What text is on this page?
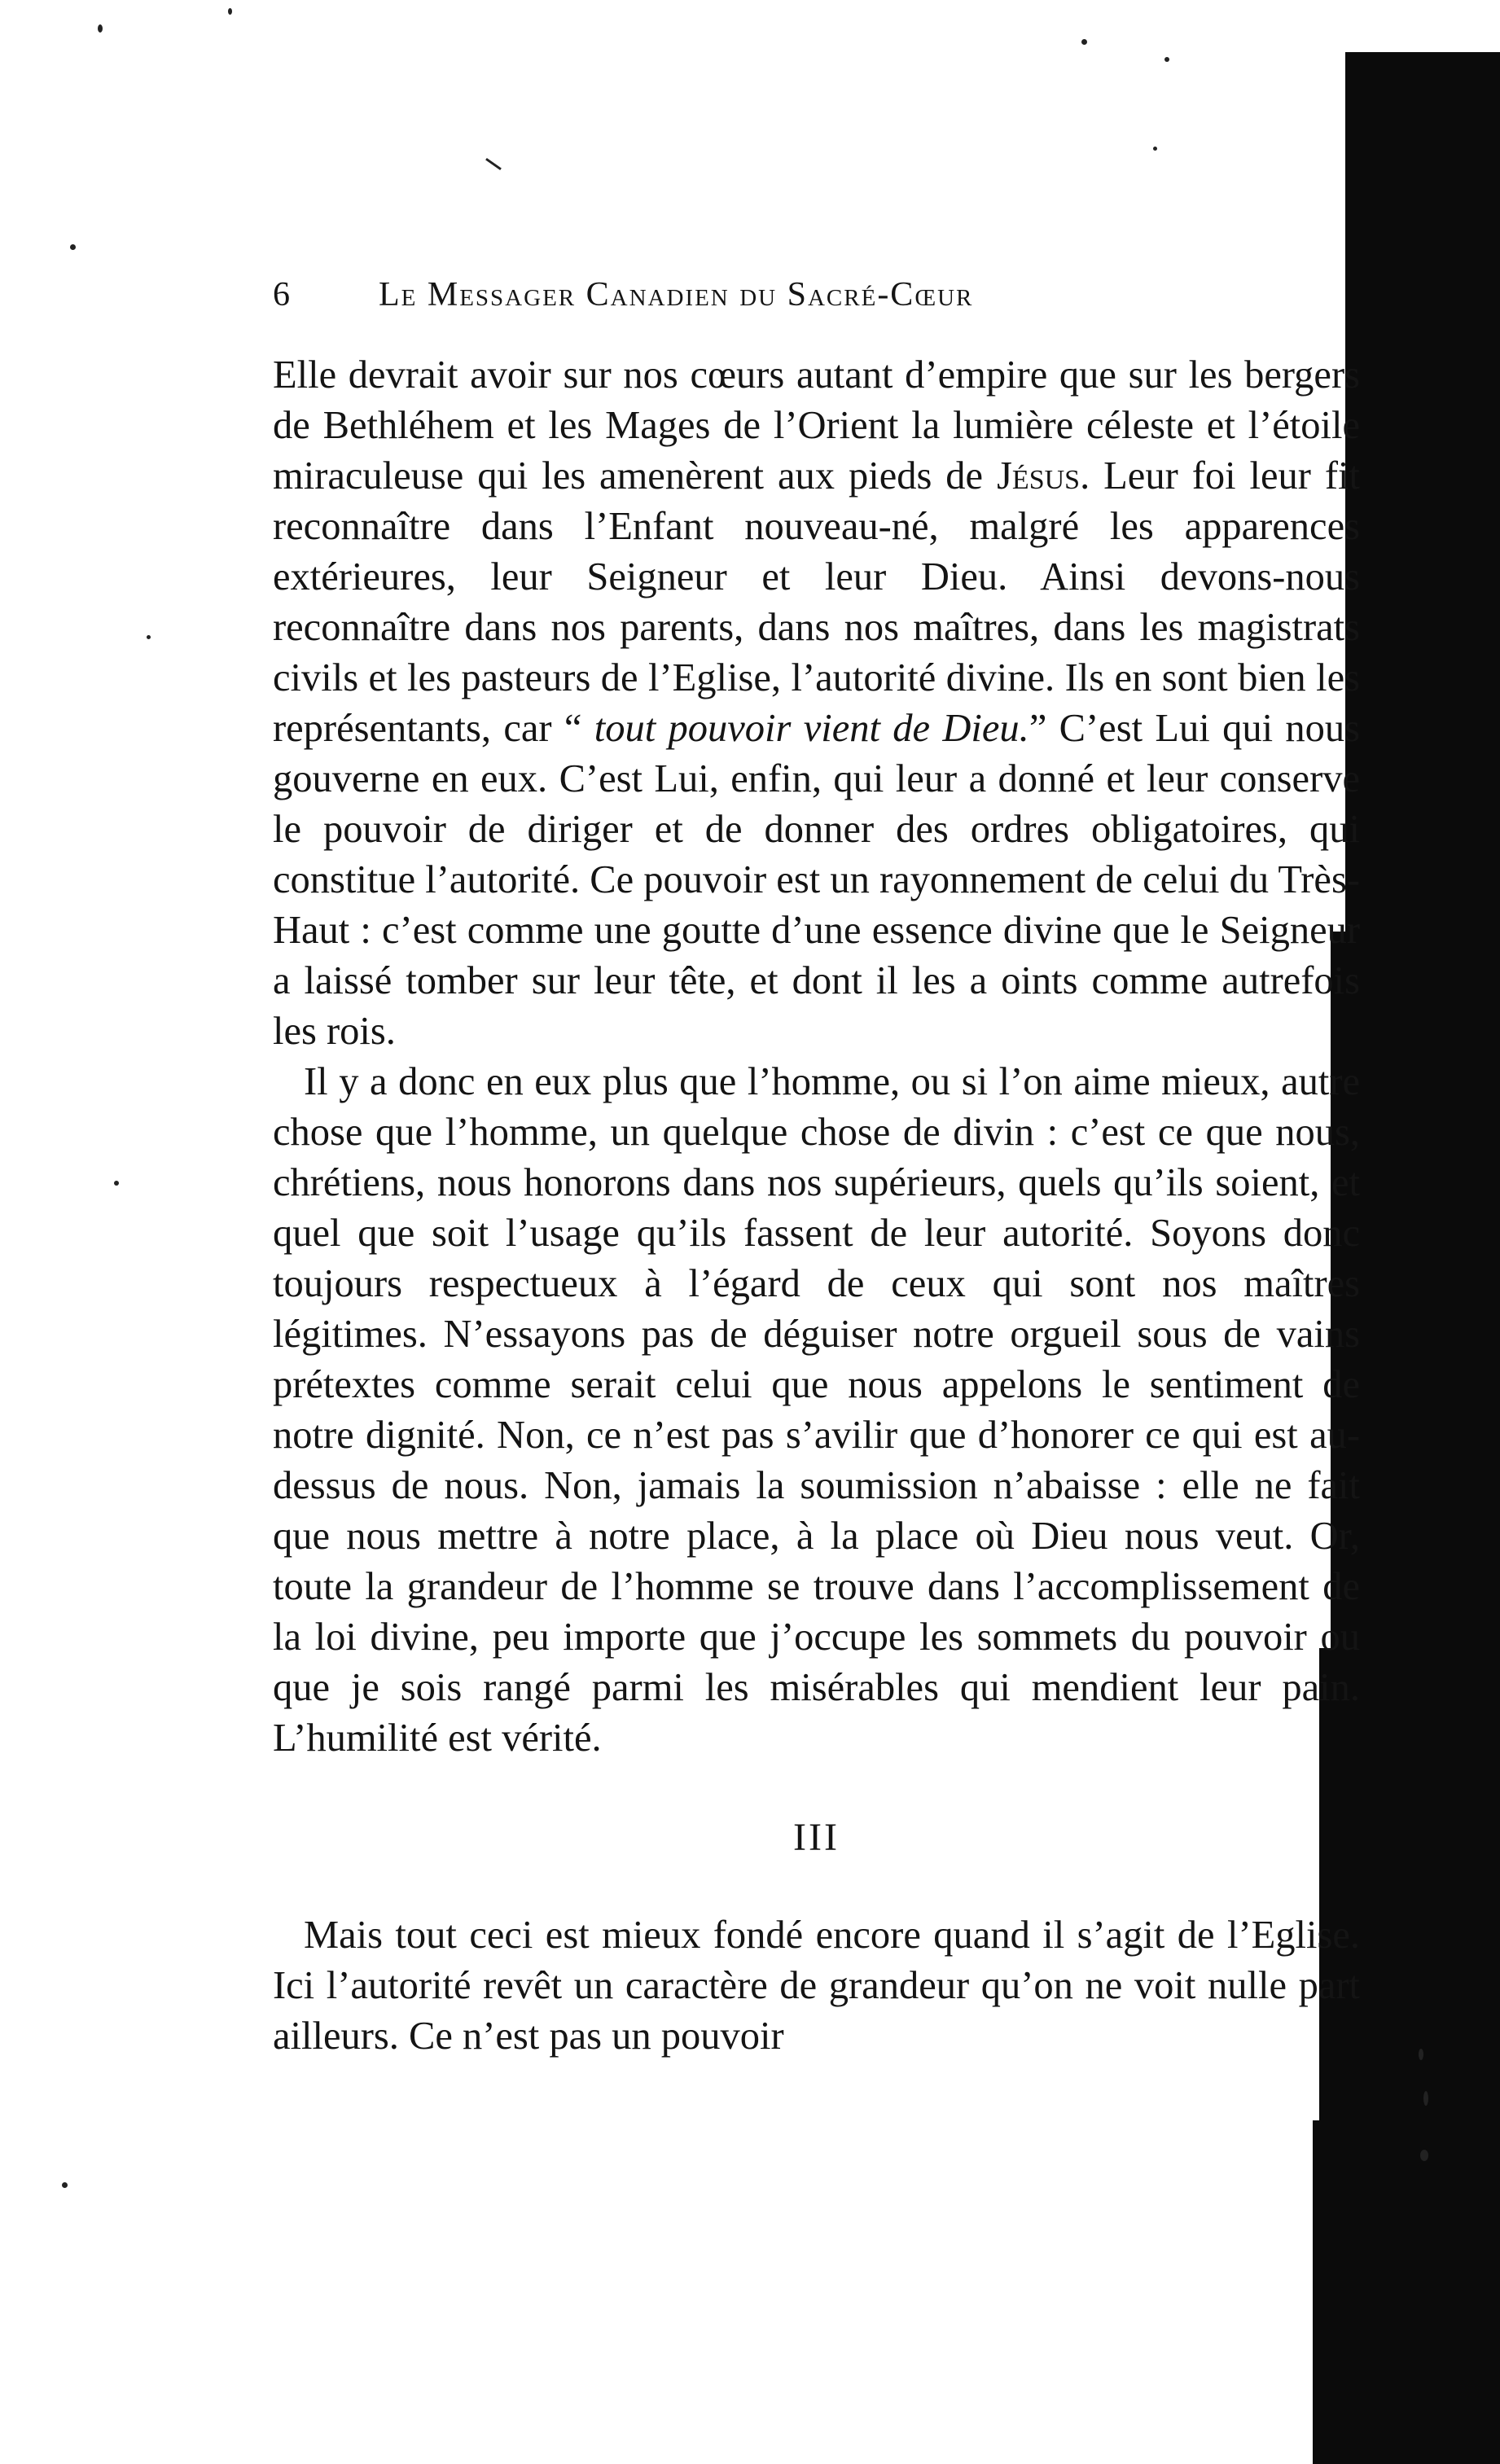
6	Le Messager Canadien du Sacré-Cœur

Elle devrait avoir sur nos cœurs autant d’empire que sur les bergers de Bethléhem et les Mages de l’Orient la lumière céleste et l’étoile miraculeuse qui les amenèrent aux pieds de Jésus. Leur foi leur fit reconnaître dans l’Enfant nouveau-né, malgré les apparences extérieures, leur Seigneur et leur Dieu. Ainsi devons-nous reconnaître dans nos parents, dans nos maîtres, dans les magistrats civils et les pasteurs de l’Eglise, l’autorité divine. Ils en sont bien les représentants, car “ tout pouvoir vient de Dieu.” C’est Lui qui nous gouverne en eux. C’est Lui, enfin, qui leur a donné et leur conserve le pouvoir de diriger et de donner des ordres obligatoires, qui constitue l’autorité. Ce pouvoir est un rayonnement de celui du Très-Haut : c’est comme une goutte d’une essence divine que le Seigneur a laissé tomber sur leur tête, et dont il les a oints comme autrefois les rois.

Il y a donc en eux plus que l’homme, ou si l’on aime mieux, autre chose que l’homme, un quelque chose de divin : c’est ce que nous, chrétiens, nous honorons dans nos supérieurs, quels qu’ils soient, et quel que soit l’usage qu’ils fassent de leur autorité. Soyons donc toujours respectueux à l’égard de ceux qui sont nos maîtres légitimes. N’essayons pas de déguiser notre orgueil sous de vains prétextes comme serait celui que nous appelons le sentiment de notre dignité. Non, ce n’est pas s’avilir que d’honorer ce qui est au-dessus de nous. Non, jamais la soumission n’abaisse : elle ne fait que nous mettre à notre place, à la place où Dieu nous veut. Or, toute la grandeur de l’homme se trouve dans l’accomplissement de la loi divine, peu importe que j’occupe les sommets du pouvoir ou que je sois rangé parmi les misérables qui mendient leur pain. L’humilité est vérité.

III

Mais tout ceci est mieux fondé encore quand il s’agit de l’Eglise. Ici l’autorité revêt un caractère de grandeur qu’on ne voit nulle part ailleurs. Ce n’est pas un pouvoir
